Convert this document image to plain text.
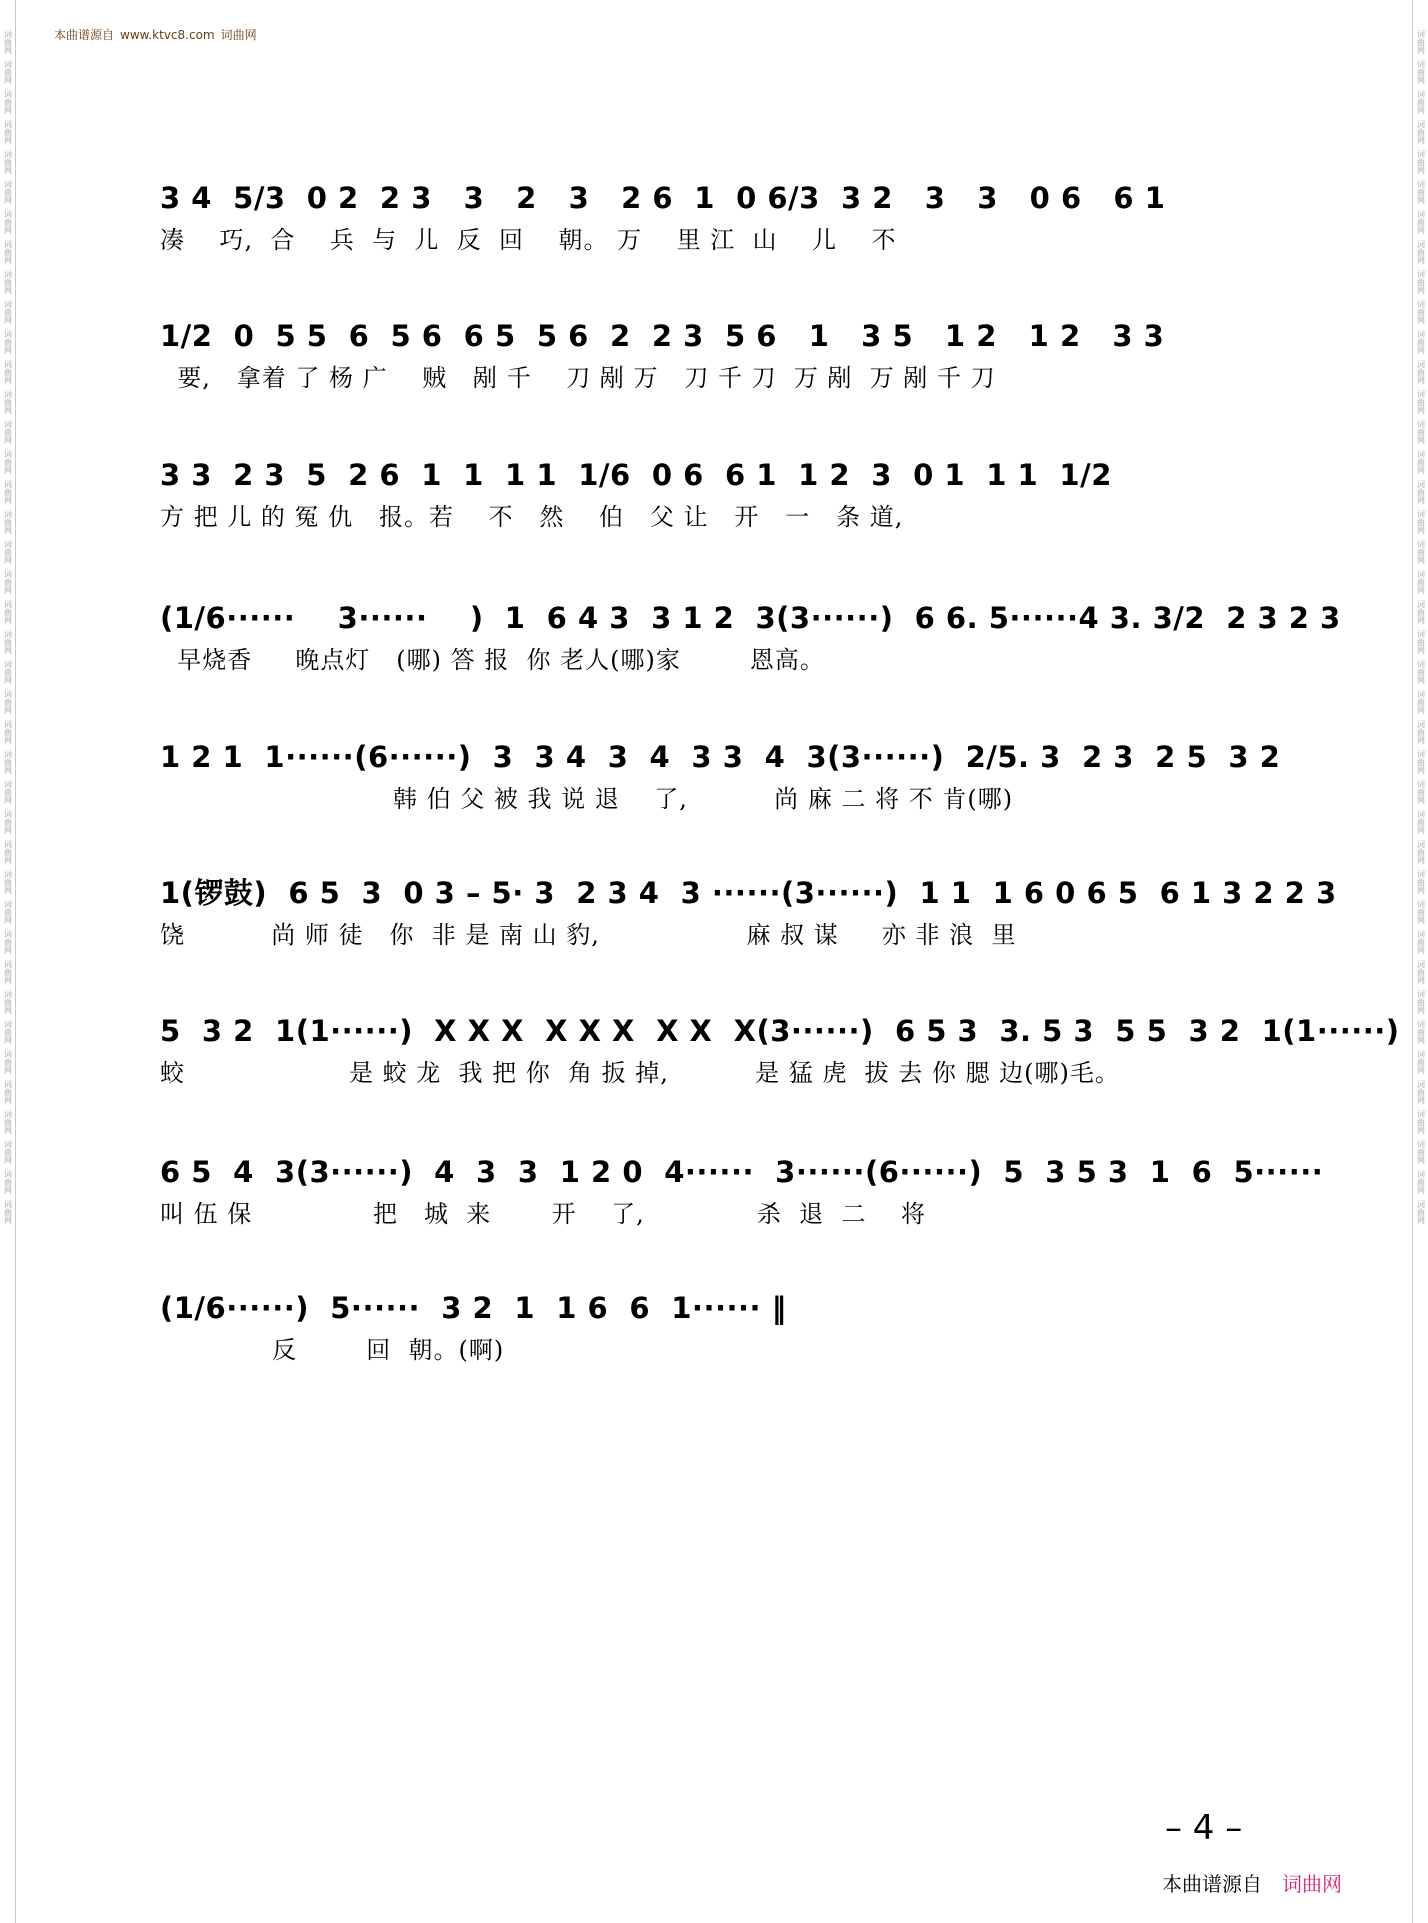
词曲网
词曲网
词曲网
词曲网
词曲网
词曲网
词曲网
词曲网
词曲网
词曲网
词曲网
词曲网
词曲网
词曲网
词曲网
词曲网
词曲网
词曲网
词曲网
词曲网
词曲网
词曲网
词曲网
词曲网
词曲网
词曲网
词曲网
词曲网
词曲网
词曲网
词曲网
词曲网
词曲网
词曲网
词曲网
词曲网
词曲网
词曲网
词曲网
词曲网
词曲网
词曲网
词曲网
词曲网
词曲网
词曲网
词曲网
词曲网
词曲网
词曲网
词曲网
词曲网
词曲网
词曲网
词曲网
词曲网
词曲网
词曲网
词曲网
词曲网
词曲网
词曲网
词曲网
词曲网
词曲网
词曲网
词曲网
词曲网
词曲网
词曲网
词曲网
词曲网
词曲网
词曲网
词曲网
词曲网
词曲网
词曲网
词曲网
词曲网
本曲谱源自 www.ktvc8.com 词曲网
3 4  5/3  0 2  2 3   3   2   3   2 6  1  0 6/3  3 2   3   3   0 6   6 1
凑    巧,  合    兵  与  儿  反  回    朝。 万    里 江  山    儿    不
1/2  0  5 5  6  5 6  6 5  5 6  2  2 3  5 6   1   3 5   1 2   1 2   3 3
要,   拿着 了 杨 广    贼   剐 千    刀 剐 万   刀 千 刀  万 剐  万 剐 千 刀
3 3  2 3  5  2 6  1  1  1 1  1/6  0 6  6 1  1 2  3  0 1  1 1  1/2
方 把 儿 的 冤 仇   报。若    不   然    伯   父 让   开   一   条 道,
(1/6······    3······    )  1  6 4 3  3 1 2  3(3······)  6 6. 5······4 3. 3/2  2 3 2 3
早烧香     晚点灯   (哪) 答 报  你 老人(哪)家        恩高。
1 2 1  1······(6······)  3  3 4  3  4  3 3  4  3(3······)  2/5. 3  2 3  2 5  3 2
韩 伯 父 被 我 说 退    了,          尚 麻 二 将 不 肯(哪)
1(锣鼓)  6 5  3  0 3 – 5· 3  2 3 4  3 ······(3······)  1 1  1 6 0 6 5  6 1 3 2 2 3
饶          尚 师 徒   你  非 是 南 山 豹,                 麻 叔 谋     亦 非 浪  里
5  3 2  1(1······)  X X X  X X X  X X  X(3······)  6 5 3  3. 5 3  5 5  3 2  1(1······)
蛟                   是 蛟 龙  我 把 你  角 扳 掉,          是 猛 虎  拔 去 你 腮 边(哪)毛。
6 5  4  3(3······)  4  3  3  1 2 0  4······  3······(6······)  5  3 5 3  1  6  5······
叫 伍 保              把   城  来       开    了,             杀  退  二    将
(1/6······)  5······  3 2  1  1 6  6  1······ ‖
反        回  朝。(啊)
– 4 –
本曲谱源自 词曲网
